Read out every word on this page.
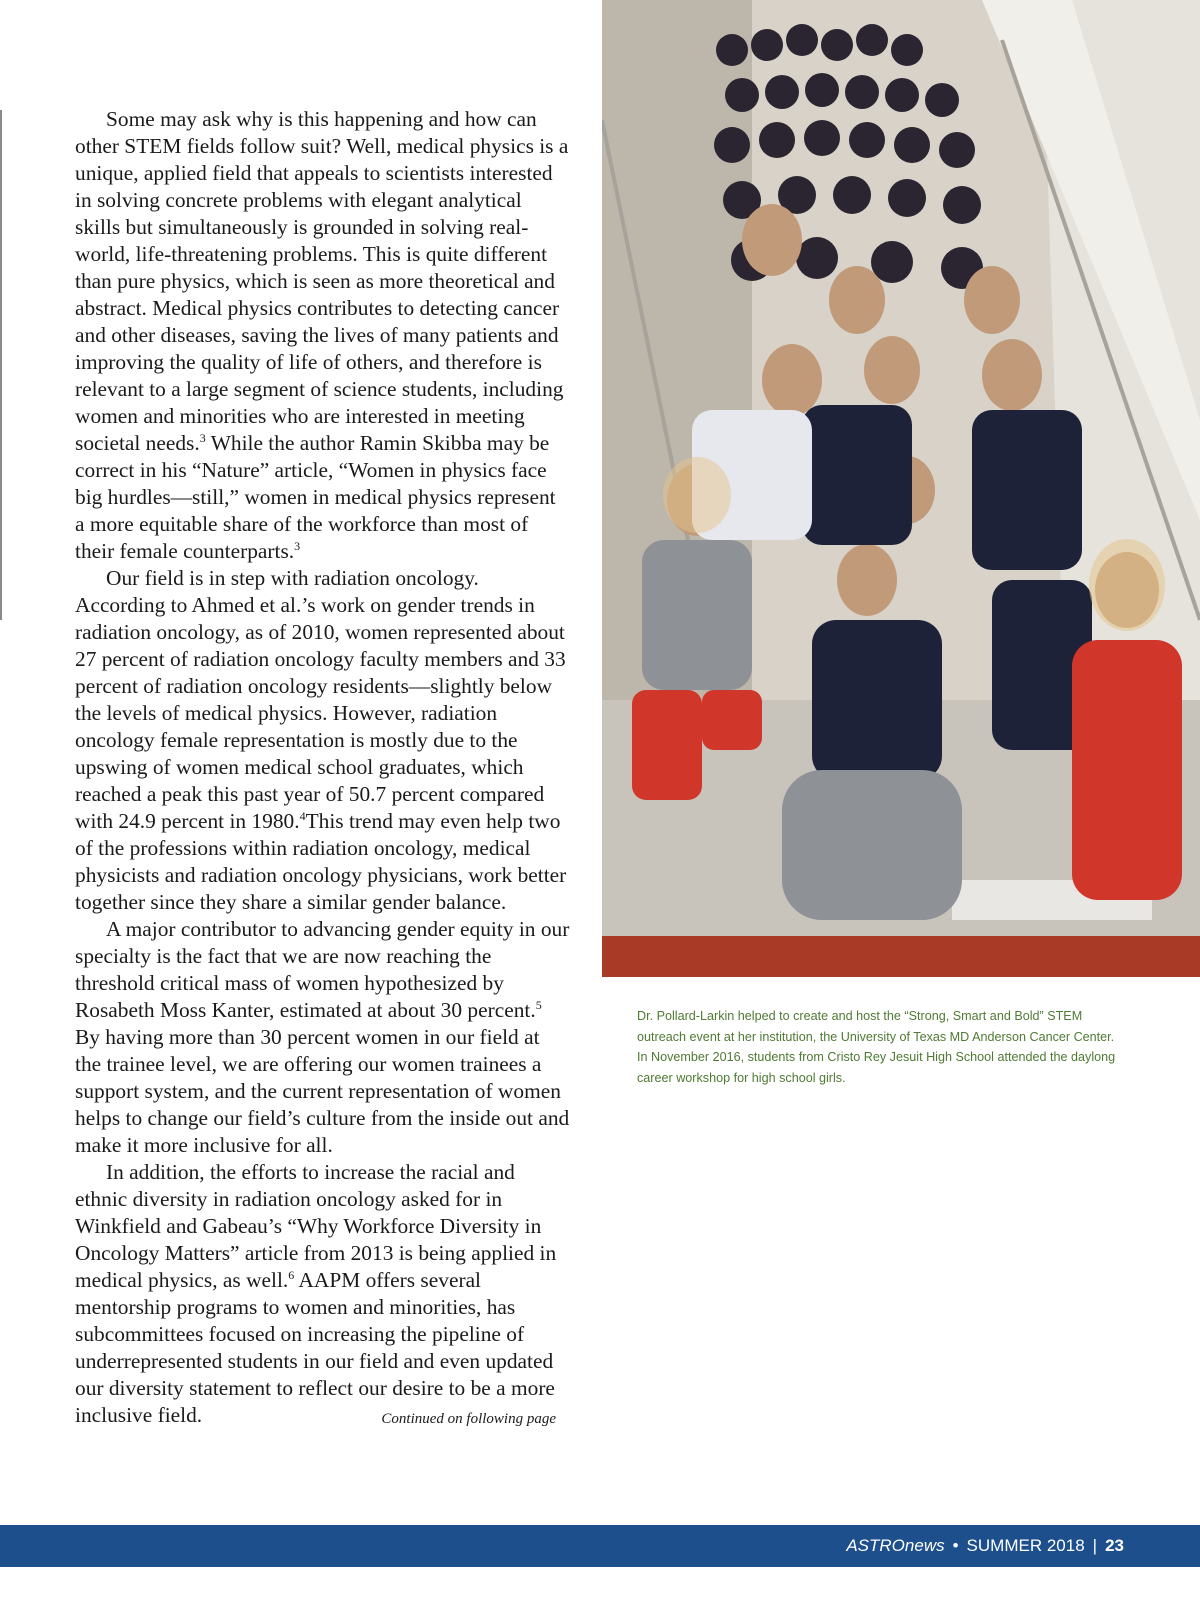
Some may ask why is this happening and how can other STEM fields follow suit? Well, medical physics is a unique, applied field that appeals to scientists interested in solving concrete problems with elegant analytical skills but simultaneously is grounded in solving real-world, life-threatening problems. This is quite different than pure physics, which is seen as more theoretical and abstract. Medical physics contributes to detecting cancer and other diseases, saving the lives of many patients and improving the quality of life of others, and therefore is relevant to a large segment of science students, including women and minorities who are interested in meeting societal needs.$^3$ While the author Ramin Skibba may be correct in his “Nature” article, “Women in physics face big hurdles—still,” women in medical physics represent a more equitable share of the workforce than most of their female counterparts.$^3$

Our field is in step with radiation oncology. According to Ahmed et al.’s work on gender trends in radiation oncology, as of 2010, women represented about 27 percent of radiation oncology faculty members and 33 percent of radiation oncology residents—slightly below the levels of medical physics. However, radiation oncology female representation is mostly due to the upswing of women medical school graduates, which reached a peak this past year of 50.7 percent compared with 24.9 percent in 1980.$^4$This trend may even help two of the professions within radiation oncology, medical physicists and radiation oncology physicians, work better together since they share a similar gender balance.

A major contributor to advancing gender equity in our specialty is the fact that we are now reaching the threshold critical mass of women hypothesized by Rosabeth Moss Kanter, estimated at about 30 percent.$^5$ By having more than 30 percent women in our field at the trainee level, we are offering our women trainees a support system, and the current representation of women helps to change our field’s culture from the inside out and make it more inclusive for all.

In addition, the efforts to increase the racial and ethnic diversity in radiation oncology asked for in Winkfield and Gabeau’s “Why Workforce Diversity in Oncology Matters” article from 2013 is being applied in medical physics, as well.$^6$ AAPM offers several mentorship programs to women and minorities, has subcommittees focused on increasing the pipeline of underrepresented students in our field and even updated our diversity statement to reflect our desire to be a more inclusive field.	Continued on following page

Dr. Pollard-Larkin helped to create and host the “Strong, Smart and Bold” STEM outreach event at her institution, the University of Texas MD Anderson Cancer Center. In November 2016, students from Cristo Rey Jesuit High School attended the daylong career workshop for high school girls.
ASTROnews • SUMMER 2018 | 23
